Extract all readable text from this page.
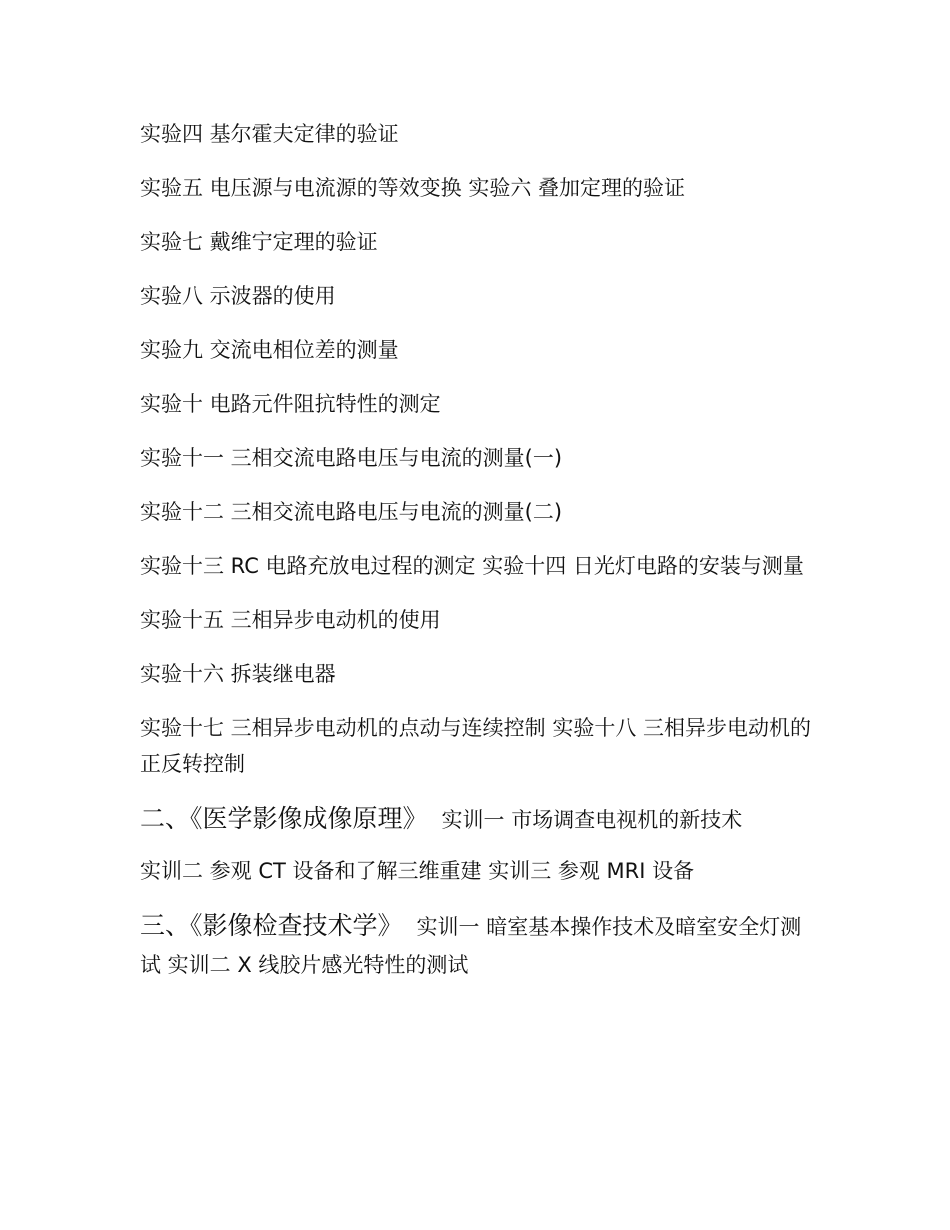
实验四 基尔霍夫定律的验证

实验五 电压源与电流源的等效变换 实验六 叠加定理的验证

实验七 戴维宁定理的验证

实验八 示波器的使用

实验九 交流电相位差的测量

实验十 电路元件阻抗特性的测定

实验十一 三相交流电路电压与电流的测量(一)

实验十二 三相交流电路电压与电流的测量(二)

实验十三 RC 电路充放电过程的测定 实验十四 日光灯电路的安装与测量

实验十五 三相异步电动机的使用

实验十六 拆装继电器

实验十七 三相异步电动机的点动与连续控制 实验十八 三相异步电动机的正反转控制

二、《医学影像成像原理》 实训一 市场调查电视机的新技术

实训二 参观 CT 设备和了解三维重建 实训三 参观 MRI 设备

三、《影像检查技术学》 实训一 暗室基本操作技术及暗室安全灯测试 实训二 X 线胶片感光特性的测试
